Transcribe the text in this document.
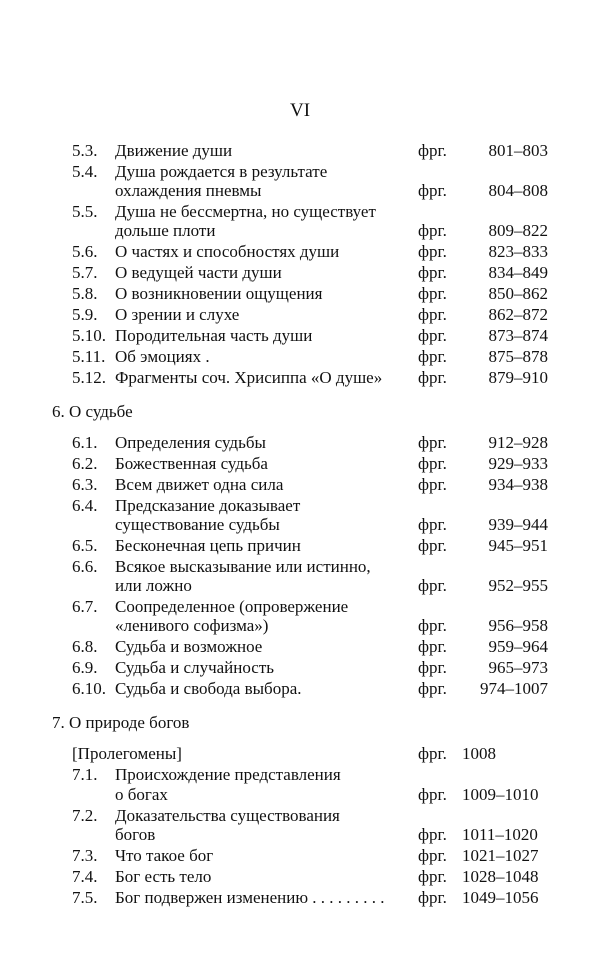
VI
5.3. Движение души	фрг. 801–803
5.4. Душа рождается в результате
охлаждения пневмы	фрг. 804–808
5.5. Душа не бессмертна, но существует
дольше плоти	фрг. 809–822
5.6. О частях и способностях души	фрг. 823–833
5.7. О ведущей части души	фрг. 834–849
5.8. О возникновении ощущения	фрг. 850–862
5.9. О зрении и слухе	фрг. 862–872
5.10. Породительная часть души	фрг. 873–874
5.11. Об эмоциях .	фрг. 875–878
5.12. Фрагменты соч. Хрисиппа «О душе» фрг. 879–910
6. О судьбе
6.1. Определения судьбы	фрг. 912–928
6.2. Божественная судьба	фрг. 929–933
6.3. Всем движет одна сила	фрг. 934–938
6.4. Предсказание доказывает
существование судьбы	фрг. 939–944
6.5. Бесконечная цепь причин	фрг. 945–951
6.6. Всякое высказывание или истинно,
или ложно	фрг. 952–955
6.7. Соопределенное (опровержение
«ленивого софизма»)	фрг. 956–958
6.8. Судьба и возможное	фрг. 959–964
6.9. Судьба и случайность	фрг. 965–973
6.10. Судьба и свобода выбора.	фрг. 974–1007
7. О природе богов
[Пролегомены]	фрг. 1008
7.1. Происхождение представления
о богах	фрг. 1009–1010
7.2. Доказательства существования
богов	фрг. 1011–1020
7.3. Что такое бог	фрг. 1021–1027
7.4. Бог есть тело	фрг. 1028–1048
7.5. Бог подвержен изменению . . . . . . . . . фрг. 1049–1056
